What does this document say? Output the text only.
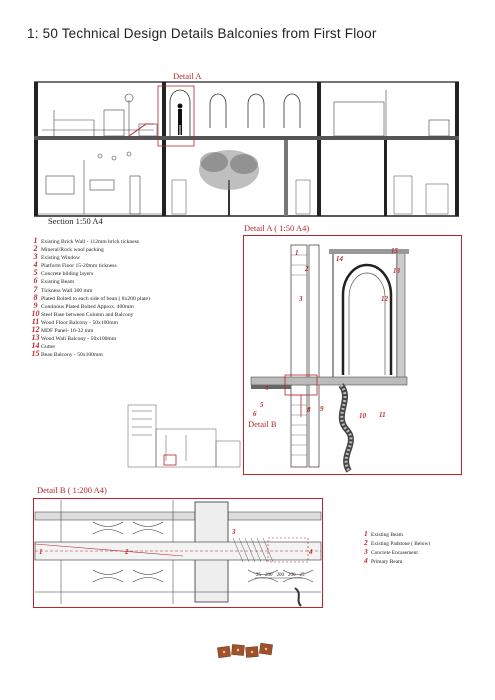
1: 50 Technical Design Details Balconies from First Floor
Detail A
Section 1:50 A4
1 Existing Brick Wall - 112mm brick tickness
2 Mineral/Rock wool packing
3 Existing Window
4 Platform Floor 15-20mm tickness
5 Concrete bilding layers
6 Existing Beam
7 Tickness Wall 300 mm
8 Plated Bolted to each side of bean ( 8x200 plate)
9 Continous Plated Bolted Approx. 400mm
10 Steel Base between Column and Balcony
11 Wood Floor Balcony - 50x100mm
12 MDF Panel- 16-32 mm
13 Wood Wall Balcony - 50x100mm
14 Gutter
15 Bean Balcony - 50x100mm
Detail A ( 1:50 A4)
1
2
3
4
5
6	8 9
10 11
12
13
14
15
Detail B
Detail B ( 1:200 A4)
1	2
3
4
25 200 200 200 25
1 Existing Beam
2 Existing Padstone ( Below)
3 Concrete Encasement
4 Primary Beam
